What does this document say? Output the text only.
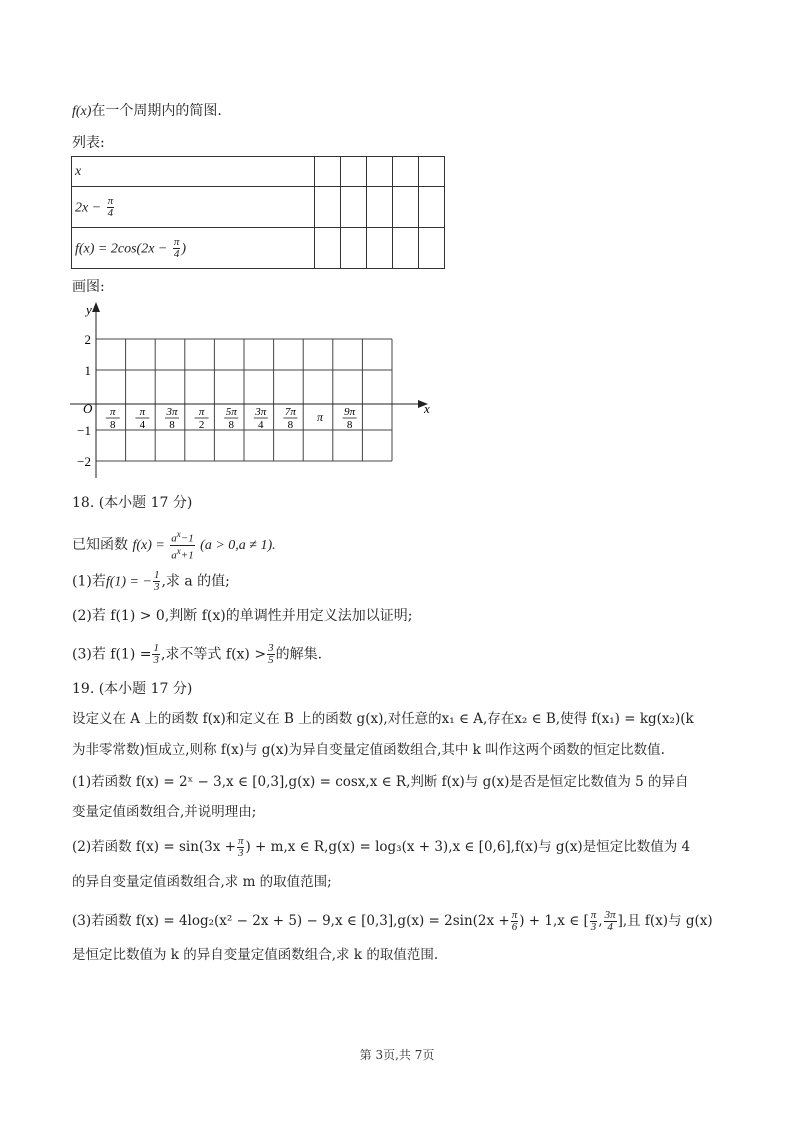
f(x)在一个周期内的简图.
列表:
x					
$2x - \frac{\pi}{4}$

$f(x) = 2\cos(2x - \frac{\pi}{4}$ )					
画图:
y
x
O
2
1
−1
−2
π
8
π
4
3π
8
π
2
5π
8
3π
4
7π
8
π 9π
8
18. (本小题 17 分)
已知函数 $f(x) = \frac{a^x-1}{a^x+1} (a > 0,a \ne 1)$.
(1)若f(1) = − $\frac{1}{3}$ ,求 a 的值;
(2)若 f(1) > 0,判断 f(x)的单调性并用定义法加以证明;
(3)若 $f(1) = \frac{1}{3}$ ,求不等式 $f(x) > \frac{3}{5}$ 的解集.
19. (本小题 17 分)
设定义在 A 上的函数 f(x)和定义在 B 上的函数 g(x),对任意的x₁ ∈ A,存在x₂ ∈ B,使得 f(x₁) = kg(x₂)(k
为非零常数)恒成立,则称 f(x)与 g(x)为异自变量定值函数组合,其中 k 叫作这两个函数的恒定比数值.
(1)若函数 f(x) = 2ˣ − 3,x ∈ [0,3],g(x) = cosx,x ∈ R,判断 f(x)与 g(x)是否是恒定比数值为 5 的异自
变量定值函数组合,并说明理由;
(2)若函数 $f(x) = \sin(3x + \frac{\pi}{3}$ ) + m,x ∈ R,g(x) = log₃(x + 3),x ∈ [0,6],f(x)与 g(x)是恒定比数值为 4
的异自变量定值函数组合,求 m 的取值范围;
(3)若函数 f(x) = 4log₂(x² − 2x + 5) − 9,x ∈ $[0,3],g(x) = 2\sin(2x + \frac{\pi}{6}$ ) + 1,x ∈ [ $\frac{\pi}{3}$ , $\frac{3\pi}{4}$ ],且 f(x)与 g(x)
是恒定比数值为 k 的异自变量定值函数组合,求 k 的取值范围.
第 3页,共 7页
